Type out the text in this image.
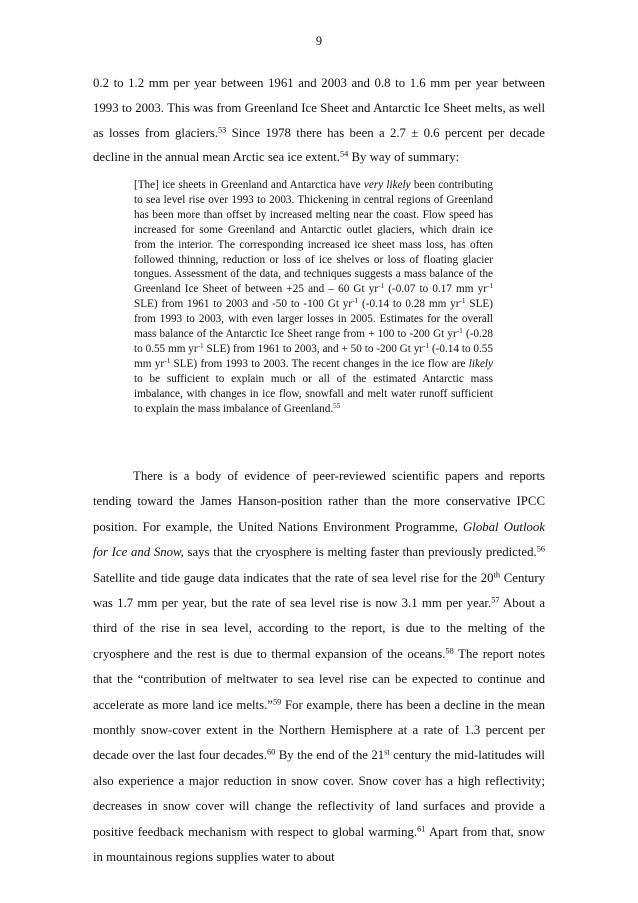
9

0.2 to 1.2 mm per year between 1961 and 2003 and 0.8 to 1.6 mm per year between 1993 to 2003. This was from Greenland Ice Sheet and Antarctic Ice Sheet melts, as well as losses from glaciers.$^{53}$ Since 1978 there has been a 2.7 ± 0.6 percent per decade decline in the annual mean Arctic sea ice extent.$^{54}$ By way of summary:

[The] ice sheets in Greenland and Antarctica have very likely been contributing to sea level rise over 1993 to 2003. Thickening in central regions of Greenland has been more than offset by increased melting near the coast. Flow speed has increased for some Greenland and Antarctic outlet glaciers, which drain ice from the interior. The corresponding increased ice sheet mass loss, has often followed thinning, reduction or loss of ice shelves or loss of floating glacier tongues. Assessment of the data, and techniques suggests a mass balance of the Greenland Ice Sheet of between +25 and – 60 Gt $yr^{-1}$ (-0.07 to 0.17 mm $yr^{-1}$ SLE) from 1961 to 2003 and -50 to -100 Gt $yr^{-1}$ (-0.14 to 0.28 mm $yr^{-1}$ SLE) from 1993 to 2003, with even larger losses in 2005. Estimates for the overall mass balance of the Antarctic Ice Sheet range from + 100 to -200 Gt $yr^{-1}$ (-0.28 to 0.55 mm $yr^{-1}$ SLE) from 1961 to 2003, and + 50 to -200 Gt $yr^{-1}$ (-0.14 to 0.55 mm $yr^{-1}$ SLE) from 1993 to 2003. The recent changes in the ice flow are likely to be sufficient to explain much or all of the estimated Antarctic mass imbalance, with changes in ice flow, snowfall and melt water runoff sufficient to explain the mass imbalance of Greenland.$^{55}$

There is a body of evidence of peer-reviewed scientific papers and reports tending toward the James Hanson-position rather than the more conservative IPCC position. For example, the United Nations Environment Programme, Global Outlook for Ice and Snow, says that the cryosphere is melting faster than previously predicted.$^{56}$ Satellite and tide gauge data indicates that the rate of sea level rise for the 20th Century was 1.7 mm per year, but the rate of sea level rise is now 3.1 mm per year.$^{57}$ About a third of the rise in sea level, according to the report, is due to the melting of the cryosphere and the rest is due to thermal expansion of the oceans.$^{58}$ The report notes that the “contribution of meltwater to sea level rise can be expected to continue and accelerate as more land ice melts.”$^{59}$ For example, there has been a decline in the mean monthly snow-cover extent in the Northern Hemisphere at a rate of 1.3 percent per decade over the last four decades.$^{60}$ By the end of the 21st century the mid-latitudes will also experience a major reduction in snow cover. Snow cover has a high reflectivity; decreases in snow cover will change the reflectivity of land surfaces and provide a positive feedback mechanism with respect to global warming.$^{61}$ Apart from that, snow in mountainous regions supplies water to about
